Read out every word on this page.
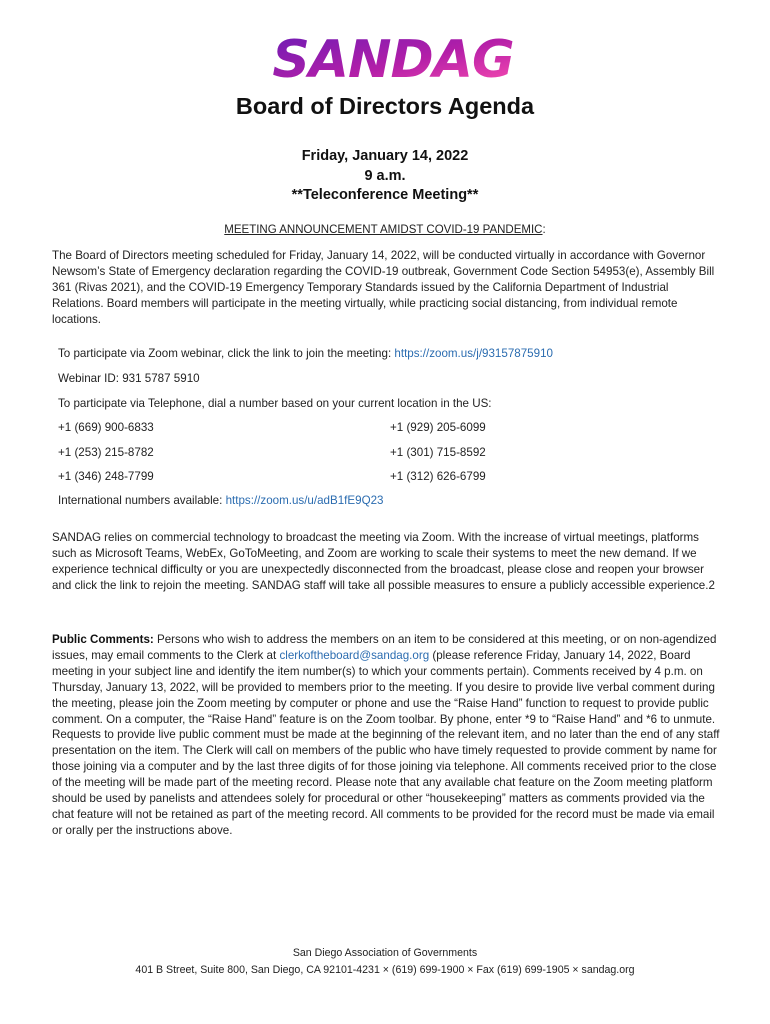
SANDAG
Board of Directors Agenda
Friday, January 14, 2022
9 a.m.
**Teleconference Meeting**
MEETING ANNOUNCEMENT AMIDST COVID-19 PANDEMIC:

The Board of Directors meeting scheduled for Friday, January 14, 2022, will be conducted virtually in accordance with Governor Newsom’s State of Emergency declaration regarding the COVID-19 outbreak, Government Code Section 54953(e), Assembly Bill 361 (Rivas 2021), and the COVID-19 Emergency Temporary Standards issued by the California Department of Industrial Relations. Board members will participate in the meeting virtually, while practicing social distancing, from individual remote locations.

To participate via Zoom webinar, click the link to join the meeting: https://zoom.us/j/93157875910
Webinar ID: 931 5787 5910
To participate via Telephone, dial a number based on your current location in the US:
+1 (669) 900-6833	+1 (929) 205-6099
+1 (253) 215-8782	+1 (301) 715-8592
+1 (346) 248-7799	+1 (312) 626-6799
International numbers available: https://zoom.us/u/adB1fE9Q23

SANDAG relies on commercial technology to broadcast the meeting via Zoom. With the increase of virtual meetings, platforms such as Microsoft Teams, WebEx, GoToMeeting, and Zoom are working to scale their systems to meet the new demand. If we experience technical difficulty or you are unexpectedly disconnected from the broadcast, please close and reopen your browser and click the link to rejoin the meeting. SANDAG staff will take all possible measures to ensure a publicly accessible experience.2

Public Comments: Persons who wish to address the members on an item to be considered at this meeting, or on non-agendized issues, may email comments to the Clerk at clerkoftheboard@sandag.org (please reference Friday, January 14, 2022, Board meeting in your subject line and identify the item number(s) to which your comments pertain). Comments received by 4 p.m. on Thursday, January 13, 2022, will be provided to members prior to the meeting. If you desire to provide live verbal comment during the meeting, please join the Zoom meeting by computer or phone and use the “Raise Hand” function to request to provide public comment. On a computer, the “Raise Hand” feature is on the Zoom toolbar. By phone, enter *9 to “Raise Hand” and *6 to unmute. Requests to provide live public comment must be made at the beginning of the relevant item, and no later than the end of any staff presentation on the item. The Clerk will call on members of the public who have timely requested to provide comment by name for those joining via a computer and by the last three digits of for those joining via telephone. All comments received prior to the close of the meeting will be made part of the meeting record. Please note that any available chat feature on the Zoom meeting platform should be used by panelists and attendees solely for procedural or other “housekeeping” matters as comments provided via the chat feature will not be retained as part of the meeting record. All comments to be provided for the record must be made via email or orally per the instructions above.

San Diego Association of Governments
401 B Street, Suite 800, San Diego, CA 92101-4231 × (619) 699-1900 × Fax (619) 699-1905 × sandag.org
